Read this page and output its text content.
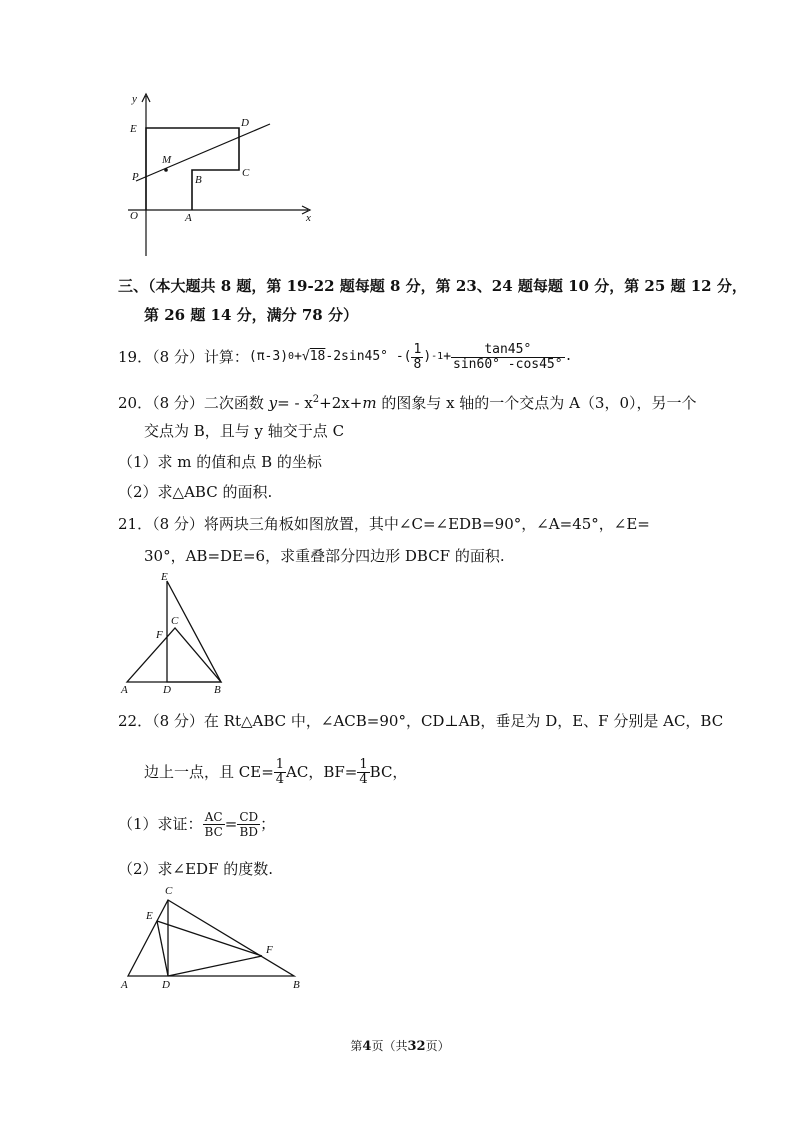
y
x
E	D
M
P	B
C
O	A
三、（本大题共 8 题，第 19-22 题每题 8 分，第 23、24 题每题 10 分，第 25 题 12 分，
第 26 题 14 分，满分 78 分）
19．（8 分）计算： (π-3) 0 + √18 -2sin45° -( $\frac{1}{8}$ ) $-1 + \frac{\tan 45^\circ}{\sin 60^\circ -\cos 45^\circ}$ .
20．（8 分）二次函数 $y= - x^2+2x+m$ 的图象与 x 轴的一个交点为 A（3，0），另一个
交点为 B，且与 y 轴交于点 C
（1）求 m 的值和点 B 的坐标
（2）求△ABC 的面积.
21．（8 分）将两块三角板如图放置，其中∠C=∠EDB=90°，∠A=45°，∠E=
30°，AB=DE=6，求重叠部分四边形 DBCF 的面积.
E
C
F
A	D	B
22．（8 分）在 Rt△ABC 中，∠ACB=90°，CD⊥AB，垂足为 D，E、F 分别是 AC，BC
边上一点，且 $CE= \frac{1}{4}$ AC，$BF= \frac{1}{4}$ BC，
（1）求证： $\frac{AC}{BC} = \frac{CD}{BD}$ ；
（2）求∠EDF 的度数.
C
E
F
A	D	B
第4页（共32页）
